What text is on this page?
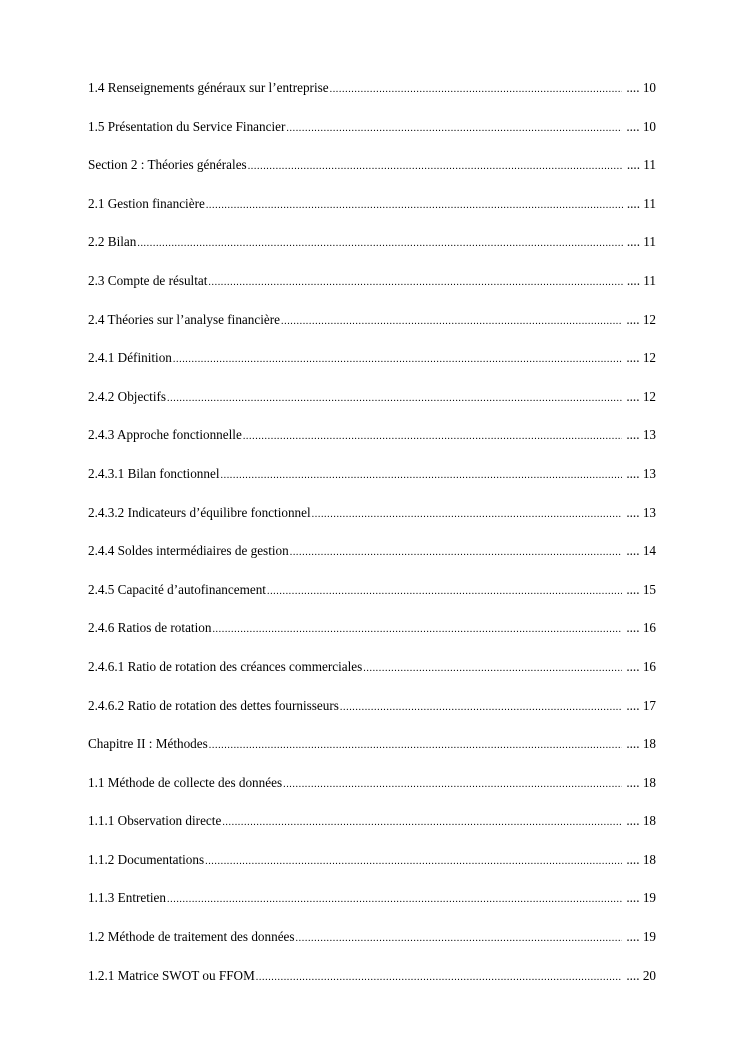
1.4 Renseignements généraux sur l’entreprise .....	.... 10
1.5 Présentation du Service Financier .....	.... 10
Section 2 : Théories générales .....	.... 11
2.1 Gestion financière .....	.... 11
2.2 Bilan .....	.... 11
2.3 Compte de résultat .....	.... 11
2.4 Théories sur l’analyse financière .....	.... 12
2.4.1 Définition .....	.... 12
2.4.2 Objectifs .....	.... 12
2.4.3 Approche fonctionnelle .....	.... 13
2.4.3.1 Bilan fonctionnel .....	.... 13
2.4.3.2 Indicateurs d’équilibre fonctionnel .....	.... 13
2.4.4 Soldes intermédiaires de gestion .....	.... 14
2.4.5 Capacité d’autofinancement .....	.... 15
2.4.6 Ratios de rotation .....	.... 16
2.4.6.1 Ratio de rotation des créances commerciales .....	.... 16
2.4.6.2 Ratio de rotation des dettes fournisseurs .....	.... 17
Chapitre II : Méthodes .....	.... 18
1.1 Méthode de collecte des données .....	.... 18
1.1.1 Observation directe .....	.... 18
1.1.2 Documentations .....	.... 18
1.1.3 Entretien .....	.... 19
1.2 Méthode de traitement des données .....	.... 19
1.2.1 Matrice SWOT ou FFOM .....	.... 20
